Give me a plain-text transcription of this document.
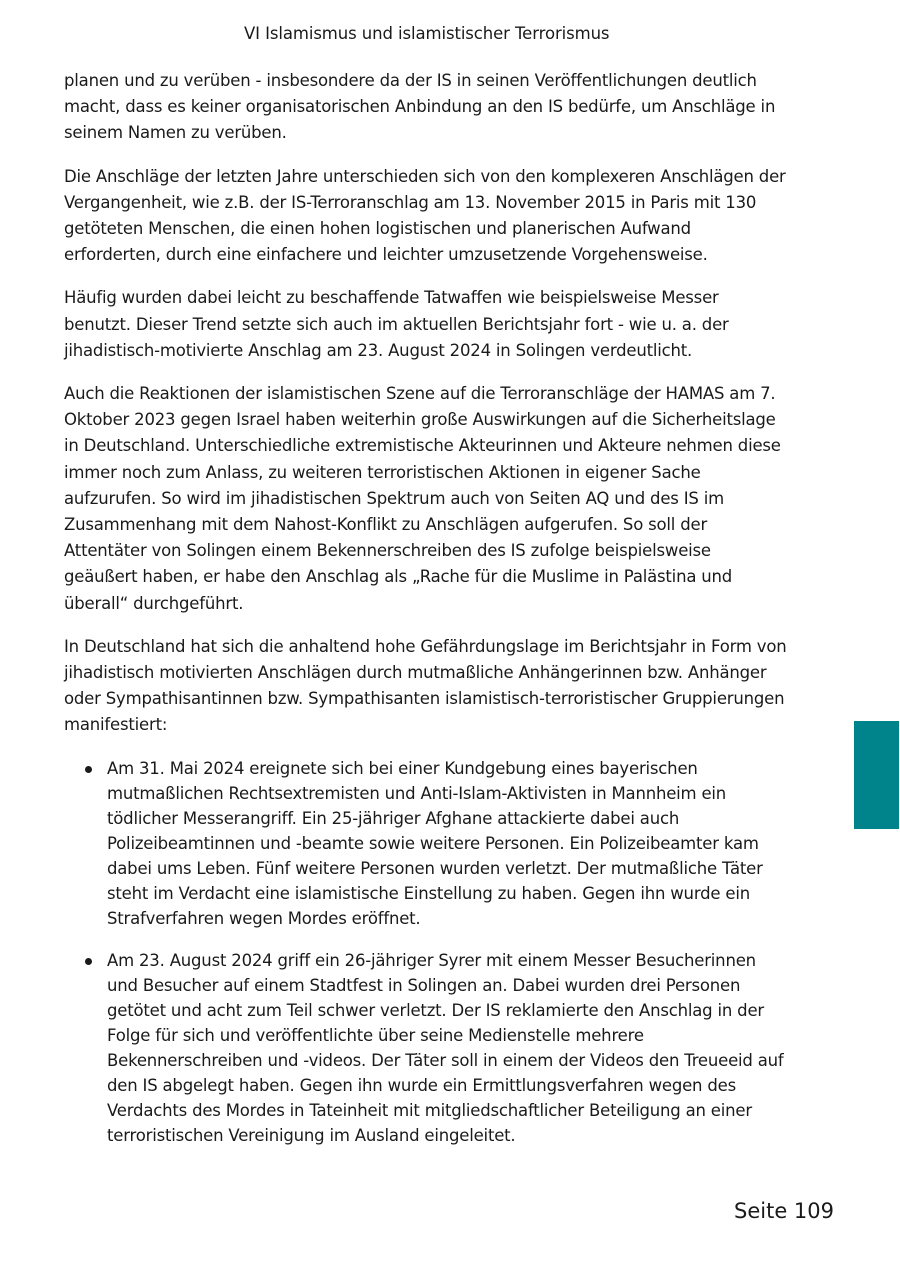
VI Islamismus und islamistischer Terrorismus

planen und zu verüben - insbesondere da der IS in seinen Veröffentlichungen deutlich macht, dass es keiner organisatorischen Anbindung an den IS bedürfe, um Anschläge in seinem Namen zu verüben.

Die Anschläge der letzten Jahre unterschieden sich von den komplexeren Anschlägen der Vergangenheit, wie z.B. der IS-Terroranschlag am 13. November 2015 in Paris mit 130 getöteten Menschen, die einen hohen logistischen und planerischen Aufwand erforderten, durch eine einfachere und leichter umzusetzende Vorgehensweise.

Häufig wurden dabei leicht zu beschaffende Tatwaffen wie beispielsweise Messer benutzt. Dieser Trend setzte sich auch im aktuellen Berichtsjahr fort - wie u. a. der jihadistisch-motivierte Anschlag am 23. August 2024 in Solingen verdeutlicht.

Auch die Reaktionen der islamistischen Szene auf die Terroranschläge der HAMAS am 7. Oktober 2023 gegen Israel haben weiterhin große Auswirkungen auf die Sicherheitslage in Deutschland. Unterschiedliche extremistische Akteurinnen und Akteure nehmen diese immer noch zum Anlass, zu weiteren terroristischen Aktionen in eigener Sache aufzurufen. So wird im jihadistischen Spektrum auch von Seiten AQ und des IS im Zusammenhang mit dem Nahost-Konflikt zu Anschlägen aufgerufen. So soll der Attentäter von Solingen einem Bekennerschreiben des IS zufolge beispielsweise geäußert haben, er habe den Anschlag als „Rache für die Muslime in Palästina und überall“ durchgeführt.

In Deutschland hat sich die anhaltend hohe Gefährdungslage im Berichtsjahr in Form von jihadistisch motivierten Anschlägen durch mutmaßliche Anhängerinnen bzw. Anhänger oder Sympathisantinnen bzw. Sympathisanten islamistisch-terroristischer Gruppierungen manifestiert:

Am 31. Mai 2024 ereignete sich bei einer Kundgebung eines bayerischen mutmaßlichen Rechtsextremisten und Anti-Islam-Aktivisten in Mannheim ein tödlicher Messerangriff. Ein 25-jähriger Afghane attackierte dabei auch Polizeibeamtinnen und -beamte sowie weitere Personen. Ein Polizeibeamter kam dabei ums Leben. Fünf weitere Personen wurden verletzt. Der mutmaßliche Täter steht im Verdacht eine islamistische Einstellung zu haben. Gegen ihn wurde ein Strafverfahren wegen Mordes eröffnet.
Am 23. August 2024 griff ein 26-jähriger Syrer mit einem Messer Besucherinnen und Besucher auf einem Stadtfest in Solingen an. Dabei wurden drei Personen getötet und acht zum Teil schwer verletzt. Der IS reklamierte den Anschlag in der Folge für sich und veröffentlichte über seine Medienstelle mehrere Bekennerschreiben und -videos. Der Täter soll in einem der Videos den Treueeid auf den IS abgelegt haben. Gegen ihn wurde ein Ermittlungsverfahren wegen des Verdachts des Mordes in Tateinheit mit mitgliedschaftlicher Beteiligung an einer terroristischen Vereinigung im Ausland eingeleitet.
Seite 109
